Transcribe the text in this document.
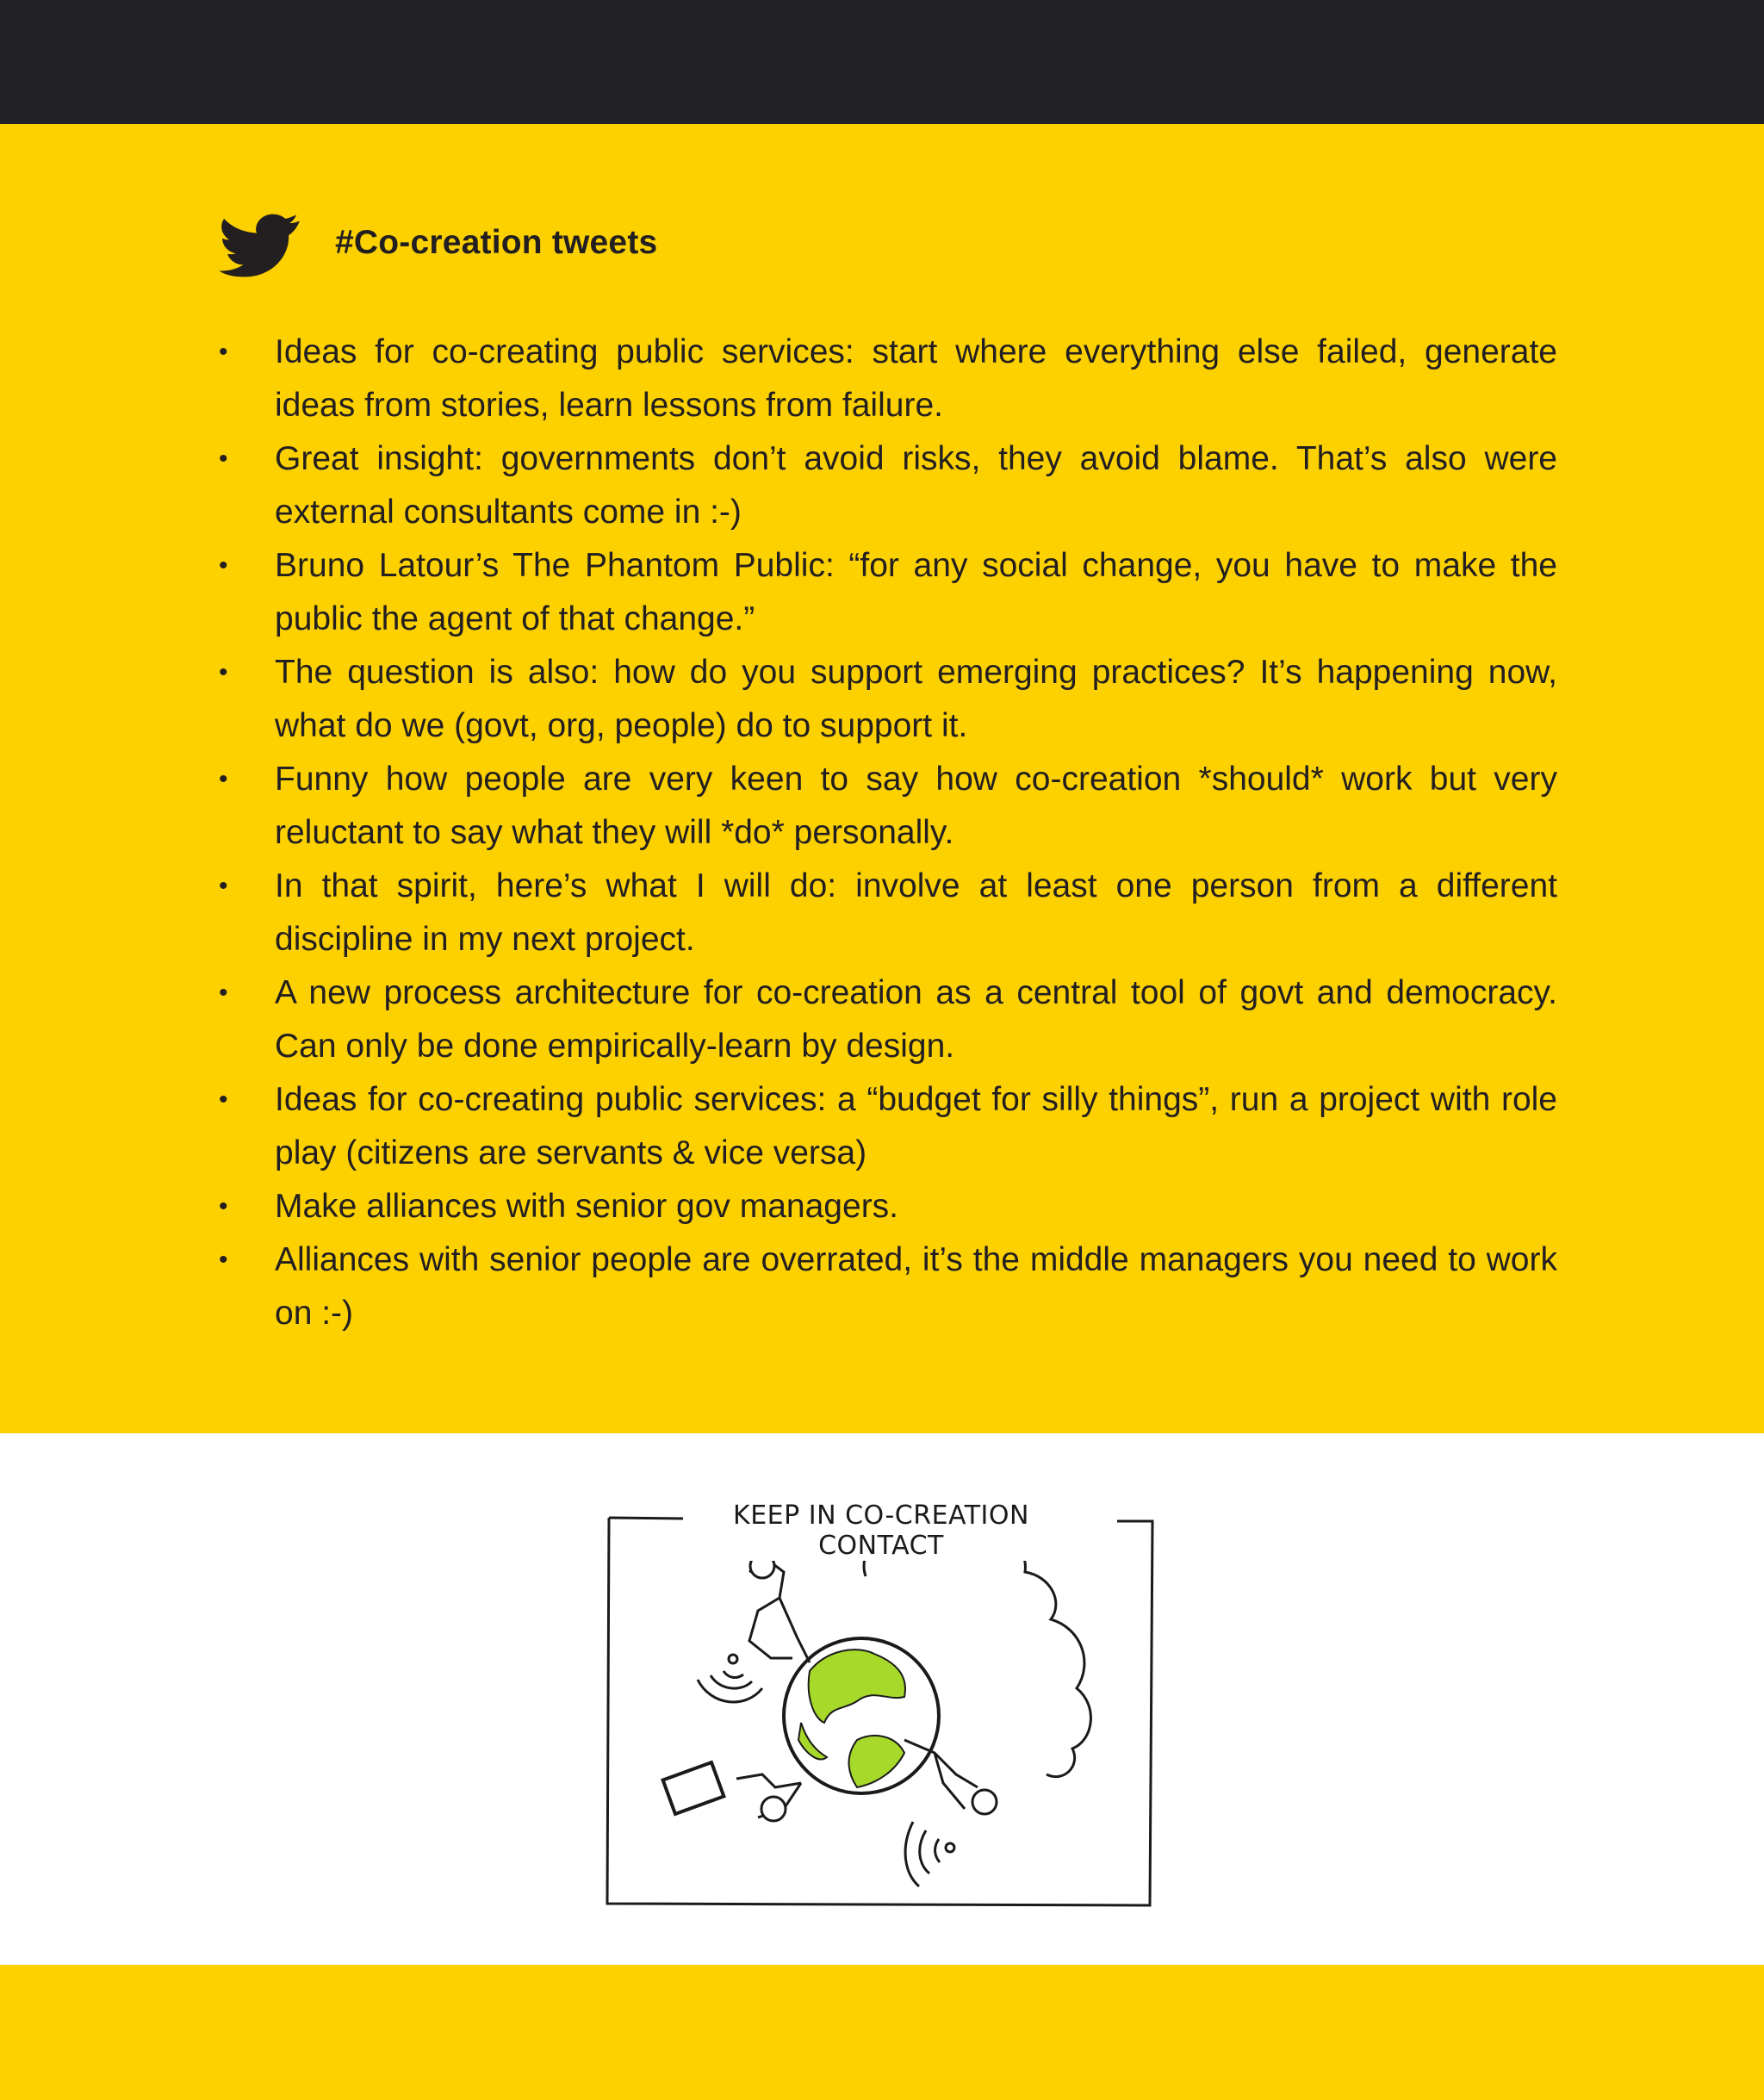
#Co-creation tweets
• Ideas for co-creating public services: start where everything else failed, generate ideas from stories, learn lessons from failure.
• Great insight: governments don’t avoid risks, they avoid blame. That’s also were external consultants come in :-)
• Bruno Latour’s The Phantom Public: “for any social change, you have to make the public the agent of that change.”
• The question is also: how do you support emerging practices? It’s happening now, what do we (govt, org, people) do to support it.
• Funny how people are very keen to say how co-creation *should* work but very reluctant to say what they will *do* personally.
• In that spirit, here’s what I will do: involve at least one person from a different discipline in my next project.
• A new process architecture for co-creation as a central tool of govt and democracy. Can only be done empirically-learn by design.
• Ideas for co-creating public services: a “budget for silly things”, run a project with role play (citizens are servants & vice versa)
• Make alliances with senior gov managers.
• Alliances with senior people are overrated, it’s the middle managers you need to work on :-)
KEEP IN CO-CREATION CONTACT
